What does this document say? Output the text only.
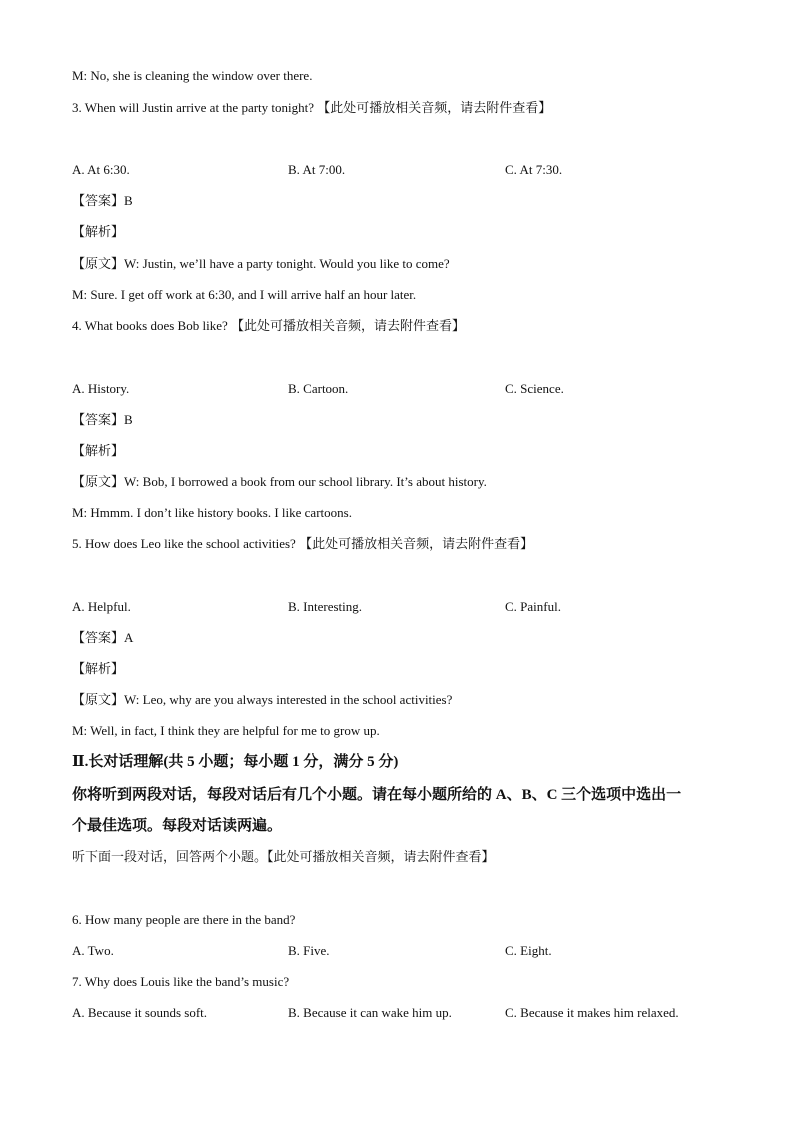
M: No, she is cleaning the window over there.
3. When will Justin arrive at the party tonight? 【此处可播放相关音频，请去附件查看】
A. At 6:30.	B. At 7:00.	C. At 7:30.
【答案】B
【解析】
【原文】W: Justin, we’ll have a party tonight. Would you like to come?
M: Sure. I get off work at 6:30, and I will arrive half an hour later.
4. What books does Bob like? 【此处可播放相关音频，请去附件查看】
A. History.	B. Cartoon.	C. Science.
【答案】B
【解析】
【原文】W: Bob, I borrowed a book from our school library. It’s about history.
M: Hmmm. I don’t like history books. I like cartoons.
5. How does Leo like the school activities? 【此处可播放相关音频，请去附件查看】
A. Helpful.	B. Interesting.	C. Painful.
【答案】A
【解析】
【原文】W: Leo, why are you always interested in the school activities?
M: Well, in fact, I think they are helpful for me to grow up.
Ⅱ.长对话理解(共 5 小题；每小题 1 分，满分 5 分)
你将听到两段对话，每段对话后有几个小题。请在每小题所给的 A、B、C 三个选项中选出一
个最佳选项。每段对话读两遍。
听下面一段对话，回答两个小题。【此处可播放相关音频，请去附件查看】
6. How many people are there in the band?
A. Two.	B. Five.	C. Eight.
7. Why does Louis like the band’s music?
A. Because it sounds soft.	B. Because it can wake him up.	C. Because it makes him relaxed.
